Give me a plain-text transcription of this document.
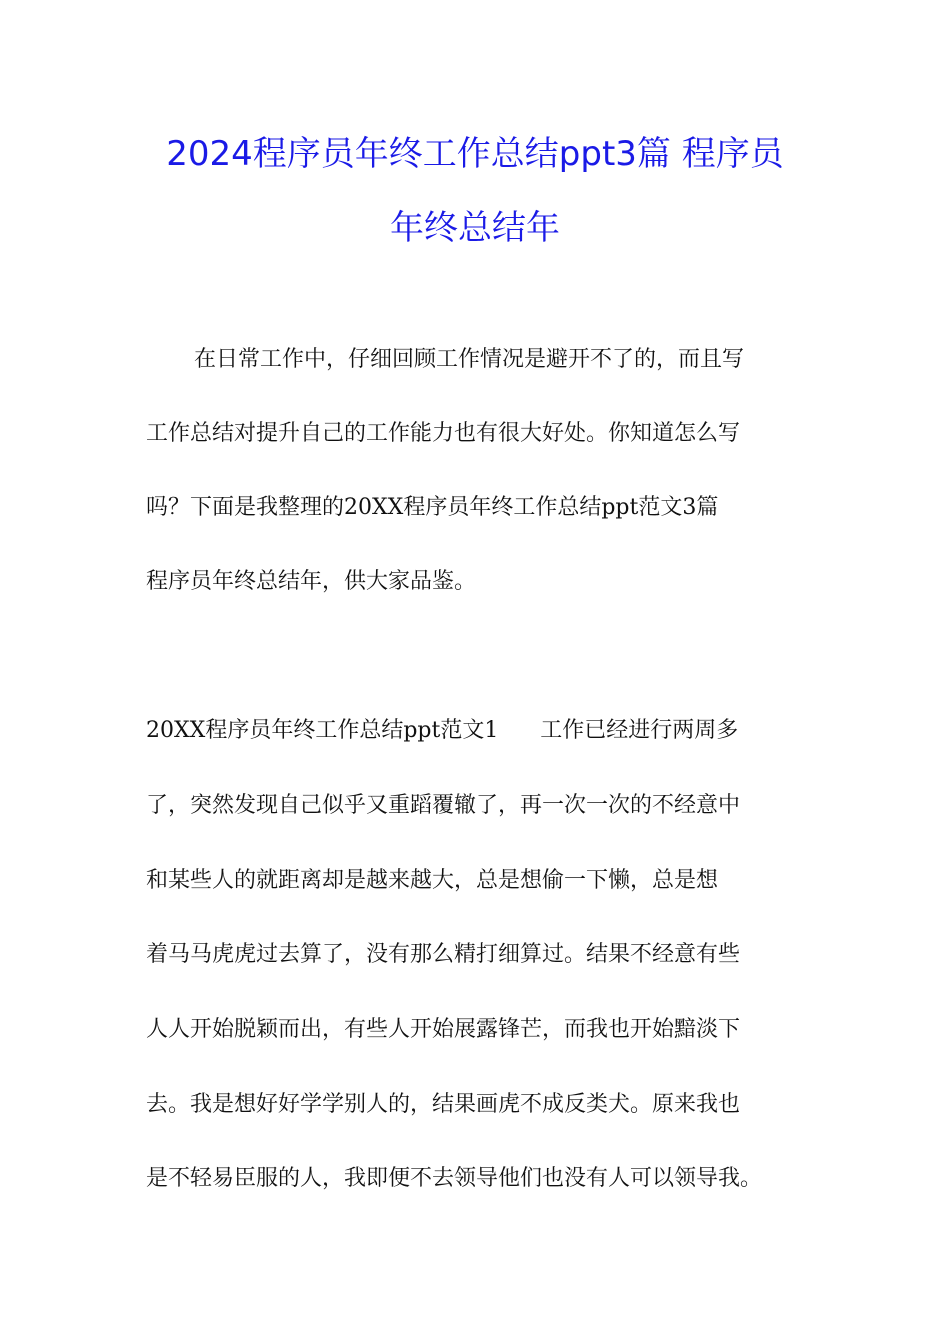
2024程序员年终工作总结ppt3篇 程序员
年终总结年
在日常工作中，仔细回顾工作情况是避开不了的，而且写
工作总结对提升自己的工作能力也有很大好处。你知道怎么写
吗？下面是我整理的20XX程序员年终工作总结ppt范文3篇
程序员年终总结年，供大家品鉴。
20XX程序员年终工作总结ppt范文1      工作已经进行两周多
了，突然发现自己似乎又重蹈覆辙了，再一次一次的不经意中
和某些人的就距离却是越来越大，总是想偷一下懒，总是想
着马马虎虎过去算了，没有那么精打细算过。结果不经意有些
人人开始脱颖而出，有些人开始展露锋芒，而我也开始黯淡下
去。我是想好好学学别人的，结果画虎不成反类犬。原来我也
是不轻易臣服的人，我即便不去领导他们也没有人可以领导我。
